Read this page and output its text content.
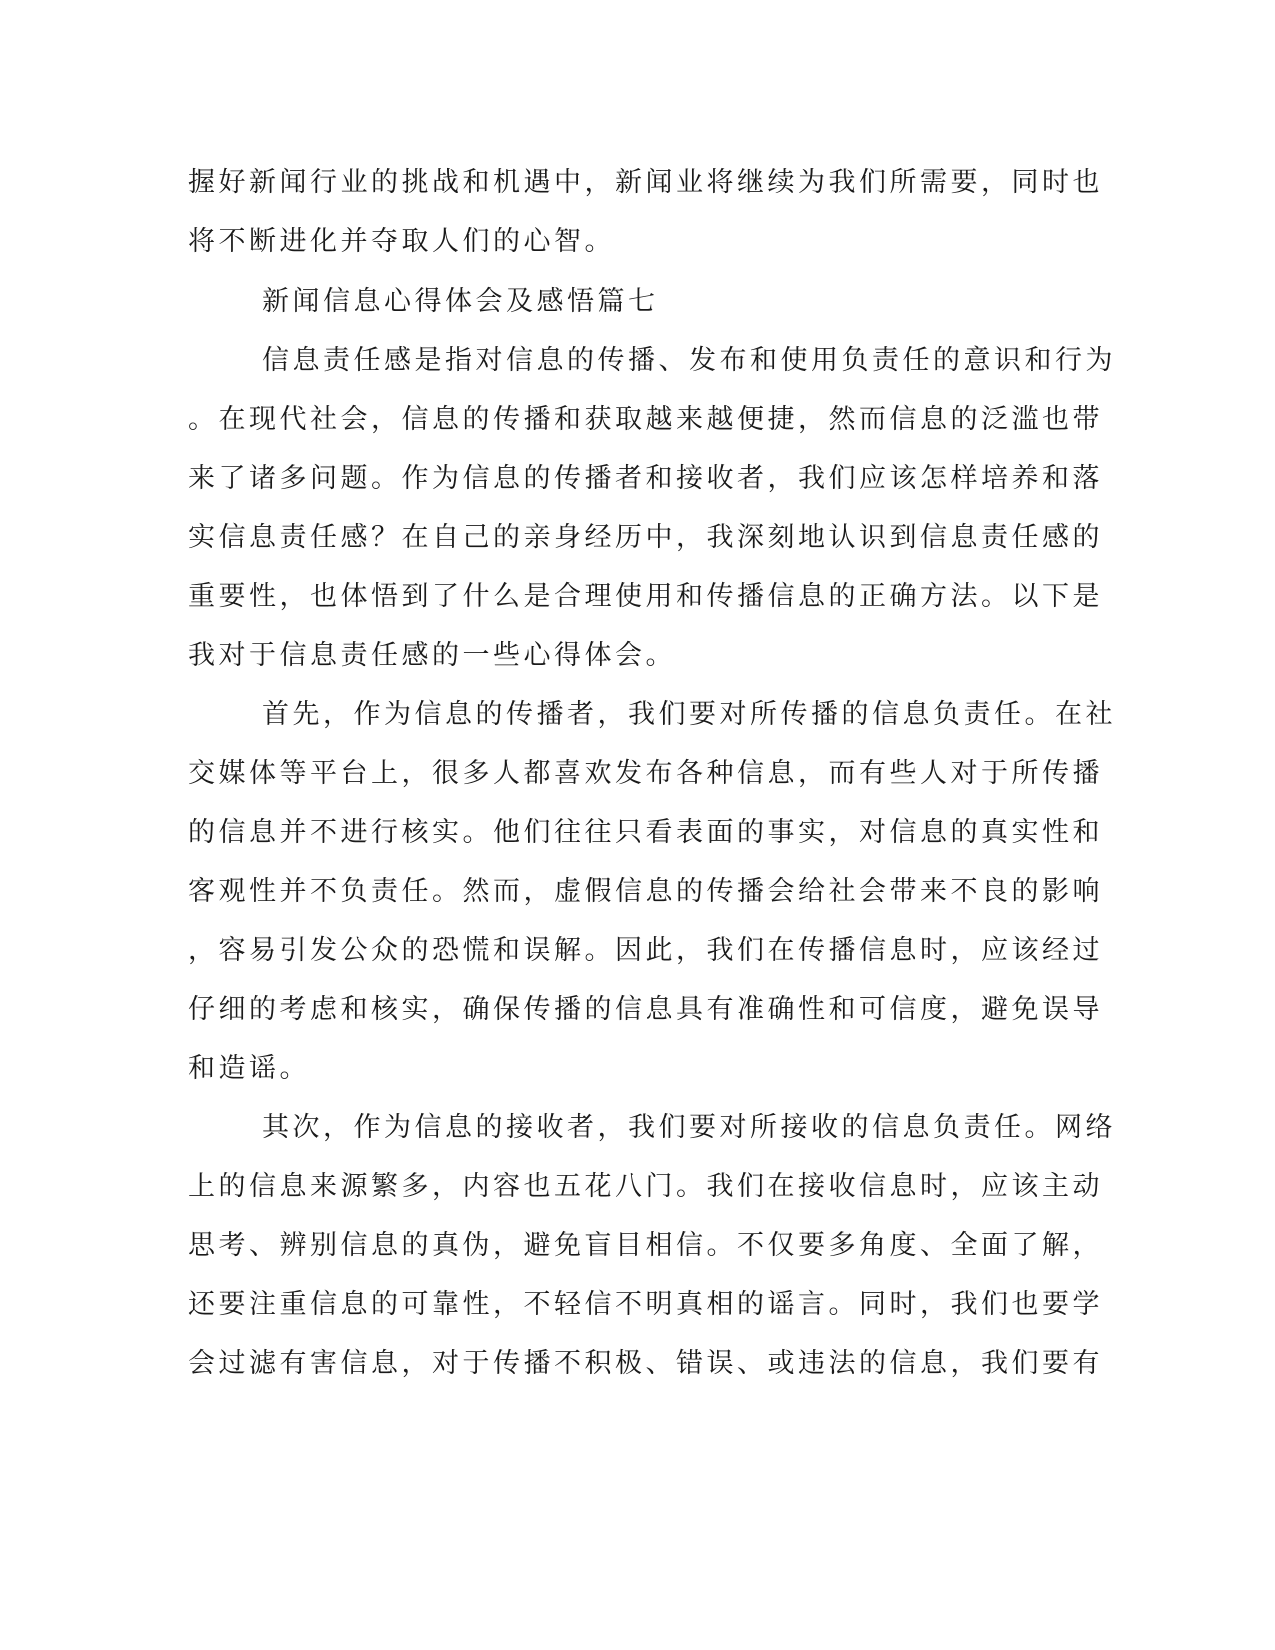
握好新闻行业的挑战和机遇中，新闻业将继续为我们所需要，同时也
将不断进化并夺取人们的心智。
新闻信息心得体会及感悟篇七
信息责任感是指对信息的传播、发布和使用负责任的意识和行为
。在现代社会，信息的传播和获取越来越便捷，然而信息的泛滥也带
来了诸多问题。作为信息的传播者和接收者，我们应该怎样培养和落
实信息责任感？在自己的亲身经历中，我深刻地认识到信息责任感的
重要性，也体悟到了什么是合理使用和传播信息的正确方法。以下是
我对于信息责任感的一些心得体会。
首先，作为信息的传播者，我们要对所传播的信息负责任。在社
交媒体等平台上，很多人都喜欢发布各种信息，而有些人对于所传播
的信息并不进行核实。他们往往只看表面的事实，对信息的真实性和
客观性并不负责任。然而，虚假信息的传播会给社会带来不良的影响
，容易引发公众的恐慌和误解。因此，我们在传播信息时，应该经过
仔细的考虑和核实，确保传播的信息具有准确性和可信度，避免误导
和造谣。
其次，作为信息的接收者，我们要对所接收的信息负责任。网络
上的信息来源繁多，内容也五花八门。我们在接收信息时，应该主动
思考、辨别信息的真伪，避免盲目相信。不仅要多角度、全面了解，
还要注重信息的可靠性，不轻信不明真相的谣言。同时，我们也要学
会过滤有害信息，对于传播不积极、错误、或违法的信息，我们要有
